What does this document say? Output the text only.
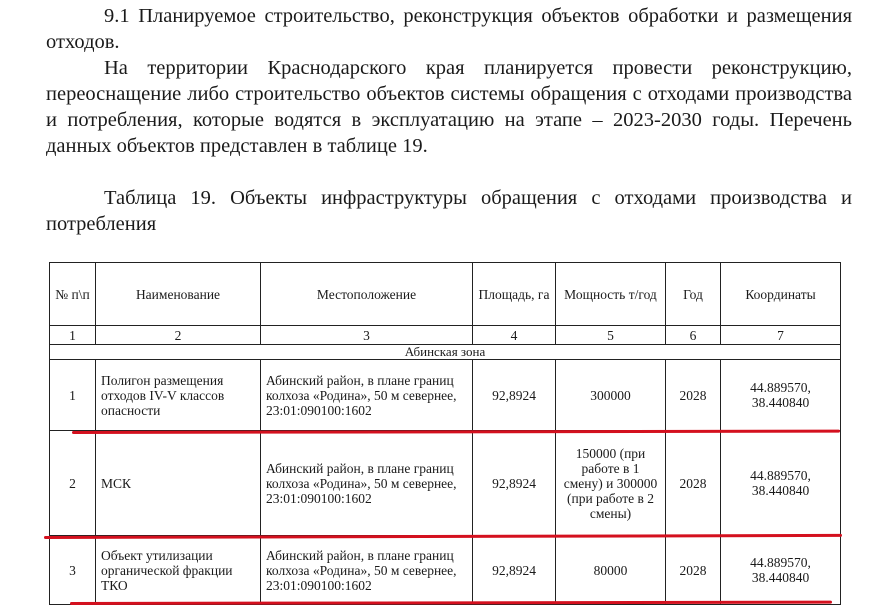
9.1 Планируемое строительство, реконструкция объектов обработки и размещения отходов.

На территории Краснодарского края планируется провести реконструкцию, переоснащение либо строительство объектов системы обращения с отходами производства и потребления, которые водятся в эксплуатацию на этапе – 2023-2030 годы. Перечень данных объектов представлен в таблице 19.

Таблица 19. Объекты инфраструктуры обращения с отходами производства и потребления

№ п\п	Наименование	Местоположение	Площадь, га	Мощность т/год	Год	Координаты
1	2	3	4	5	6	7
Абинская зона						
1	Полигон размещения отходов IV-V классов опасности	Абинский район, в плане границ колхоза «Родина», 50 м севернее, 23:01:090100:1602	92,8924	300000	2028	44.889570, 38.440840
2	МСК	Абинский район, в плане границ колхоза «Родина», 50 м севернее, 23:01:090100:1602	92,8924	150000 (при работе в 1 смену) и 300000 (при работе в 2 смены)	2028	44.889570, 38.440840
3	Объект утилизации органической фракции ТКО	Абинский район, в плане границ колхоза «Родина», 50 м севернее, 23:01:090100:1602	92,8924	80000	2028	44.889570, 38.440840
